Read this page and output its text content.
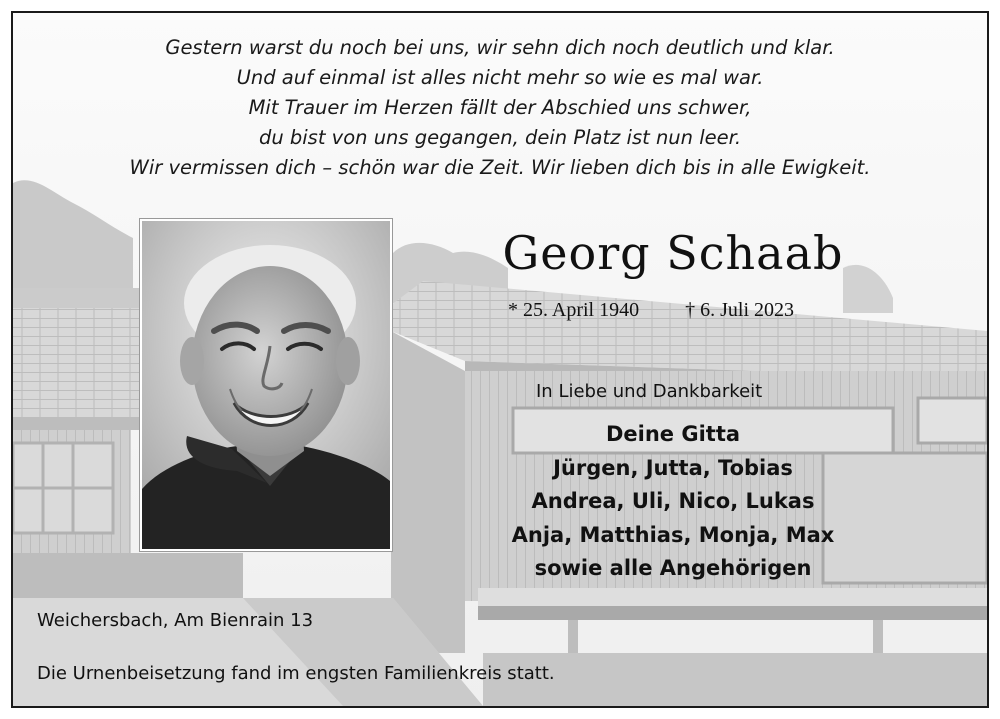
Gestern warst du noch bei uns, wir sehn dich noch deutlich und klar.
Und auf einmal ist alles nicht mehr so wie es mal war.
Mit Trauer im Herzen fällt der Abschied uns schwer,
du bist von uns gegangen, dein Platz ist nun leer.
Wir vermissen dich – schön war die Zeit. Wir lieben dich bis in alle Ewigkeit.
Georg Schaab
* 25. April 1940 † 6. Juli 2023
In Liebe und Dankbarkeit
Deine Gitta
Jürgen, Jutta, Tobias
Andrea, Uli, Nico, Lukas
Anja, Matthias, Monja, Max
sowie alle Angehörigen
Weichersbach, Am Bienrain 13
Die Urnenbeisetzung fand im engsten Familienkreis statt.
